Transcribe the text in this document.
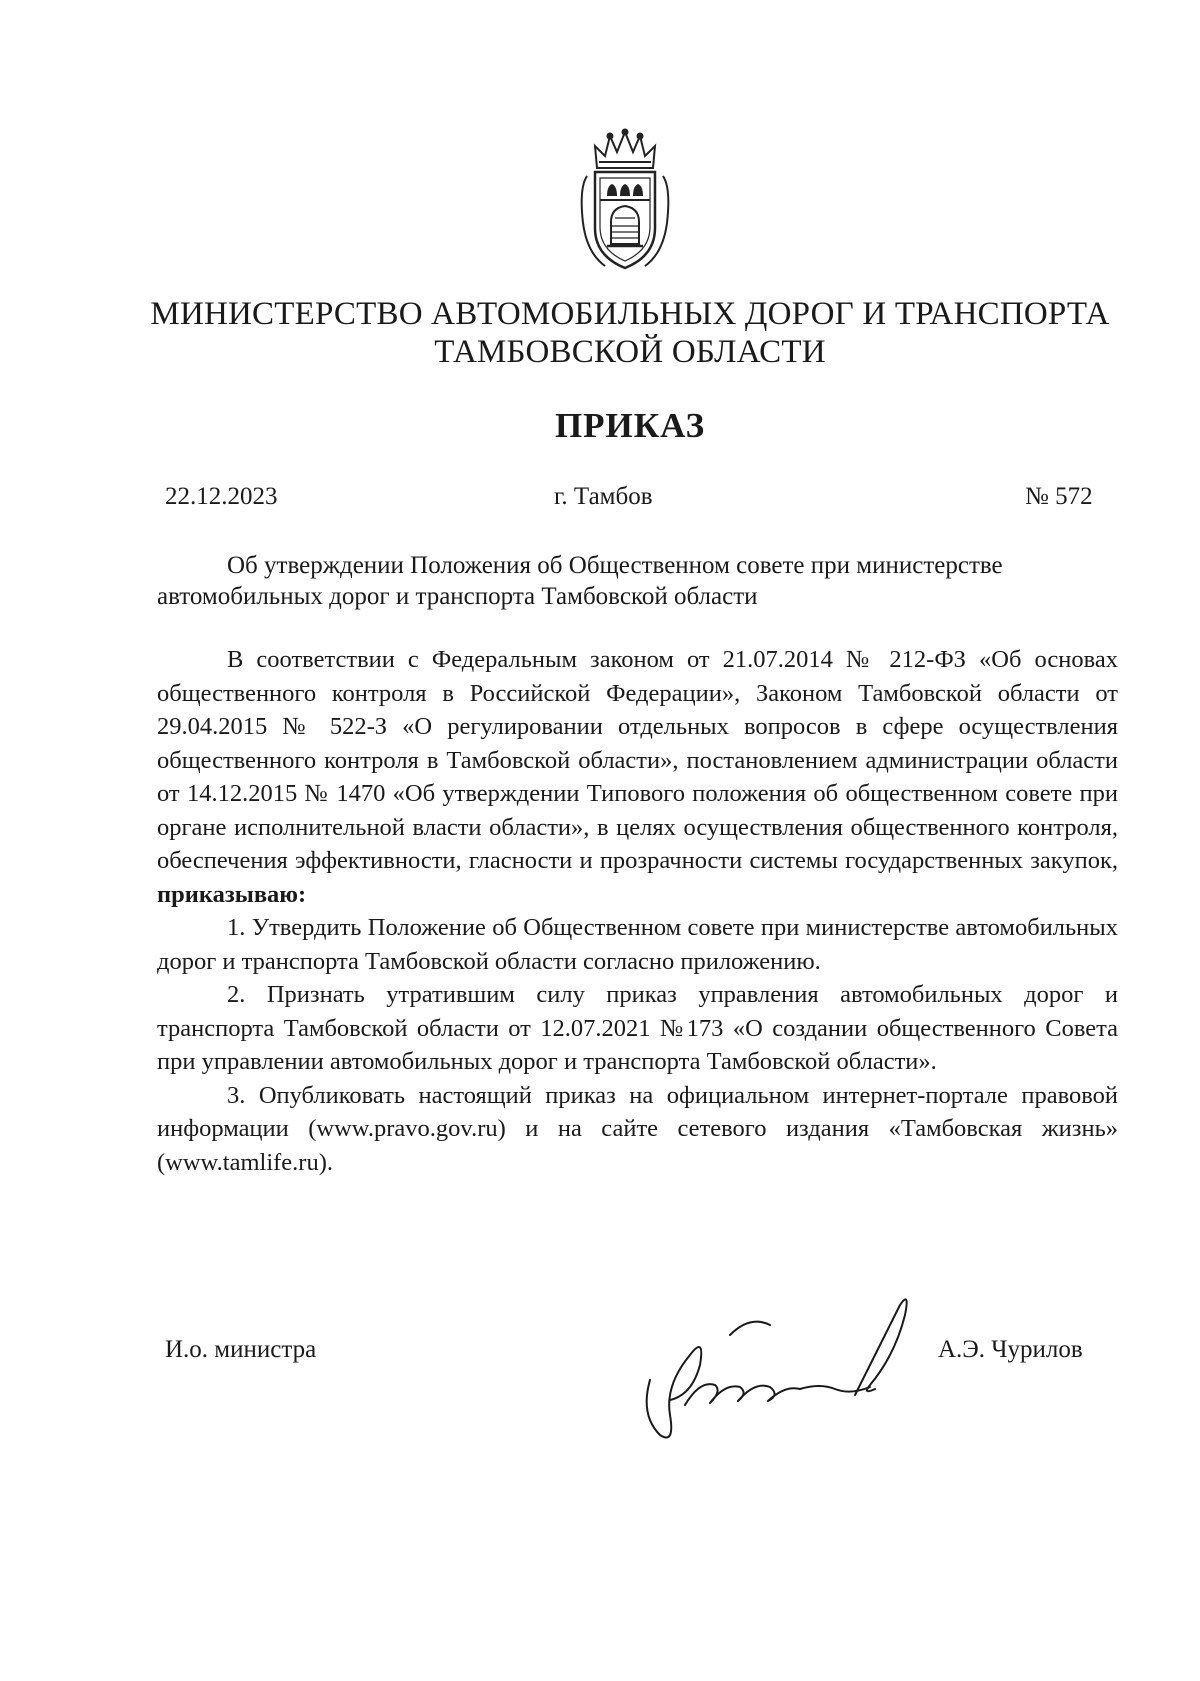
МИНИСТЕРСТВО АВТОМОБИЛЬНЫХ ДОРОГ И ТРАНСПОРТА
ТАМБОВСКОЙ ОБЛАСТИ
ПРИКАЗ
22.12.2023	г. Тамбов	№ 572
Об утверждении Положения об Общественном совете при министерстве
автомобильных дорог и транспорта Тамбовской области

В соответствии с Федеральным законом от 21.07.2014 № 212-ФЗ «Об основах общественного контроля в Российской Федерации», Законом Тамбовской области от 29.04.2015 № 522-З «О регулировании отдельных вопросов в сфере осуществления общественного контроля в Тамбовской области», постановлением администрации области от 14.12.2015 № 1470 «Об утверждении Типового положения об общественном совете при органе исполнительной власти области», в целях осуществления общественного контроля, обеспечения эффективности, гласности и прозрачности системы государственных закупок, приказываю:

1. Утвердить Положение об Общественном совете при министерстве автомобильных дорог и транспорта Тамбовской области согласно приложению.

2. Признать утратившим силу приказ управления автомобильных дорог и транспорта Тамбовской области от 12.07.2021 №173 «О создании общественного Совета при управлении автомобильных дорог и транспорта Тамбовской области».

3. Опубликовать настоящий приказ на официальном интернет-портале правовой информации (www.pravo.gov.ru) и на сайте сетевого издания «Тамбовская жизнь» (www.tamlife.ru).

И.о. министра	А.Э. Чурилов
